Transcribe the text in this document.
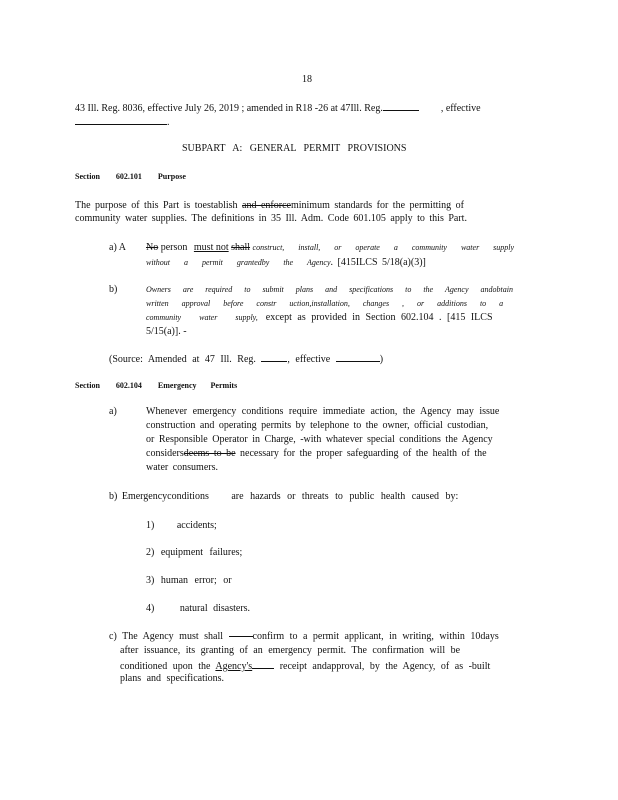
18
43 Ill. Reg. 8036, effective July 26, 2019 ; amended in R18 -26 at 47Ill. Reg.	, effective
.
SUBPART A: GENERAL PERMIT PROVISIONS
Section 602.101 Purpose
The purpose of this Part is toestablish and enforceminimum standards for the permitting of
community water supplies. The definitions in 35 Ill. Adm. Code 601.105 apply to this Part.
a) A No person must not shall construct, install, or operate a community water supply
without a permit grantedby the Agency. [415ILCS 5/18(a)(3)]
b)	Owners are required to submit plans and specifications to the Agency andobtain
written approval before constr uction,installation, changes , or additions to a
community water supply, except as provided in Section 602.104 . [415 ILCS
5/15(a)]. -
(Source: Amended at 47 Ill. Reg.	, effective	)
Section 602.104 Emergency Permits
a)	Whenever emergency conditions require immediate action, the Agency may issue
construction and operating permits by telephone to the owner, official custodian,
or Responsible Operator in Charge, -with whatever special conditions the Agency
considersdeems to be necessary for the proper safeguarding of the health of the
water consumers.
b) Emergencyconditions are hazards or threats to public health caused by:
1) accidents;
2) equipment failures;
3) human error; or
4)	natural disasters.
c) The Agency must shall	confirm to a permit applicant, in writing, within 10days
after issuance, its granting of an emergency permit. The confirmation will be
conditioned upon the Agency's	receipt andapproval, by the Agency, of as -built
plans and specifications.
